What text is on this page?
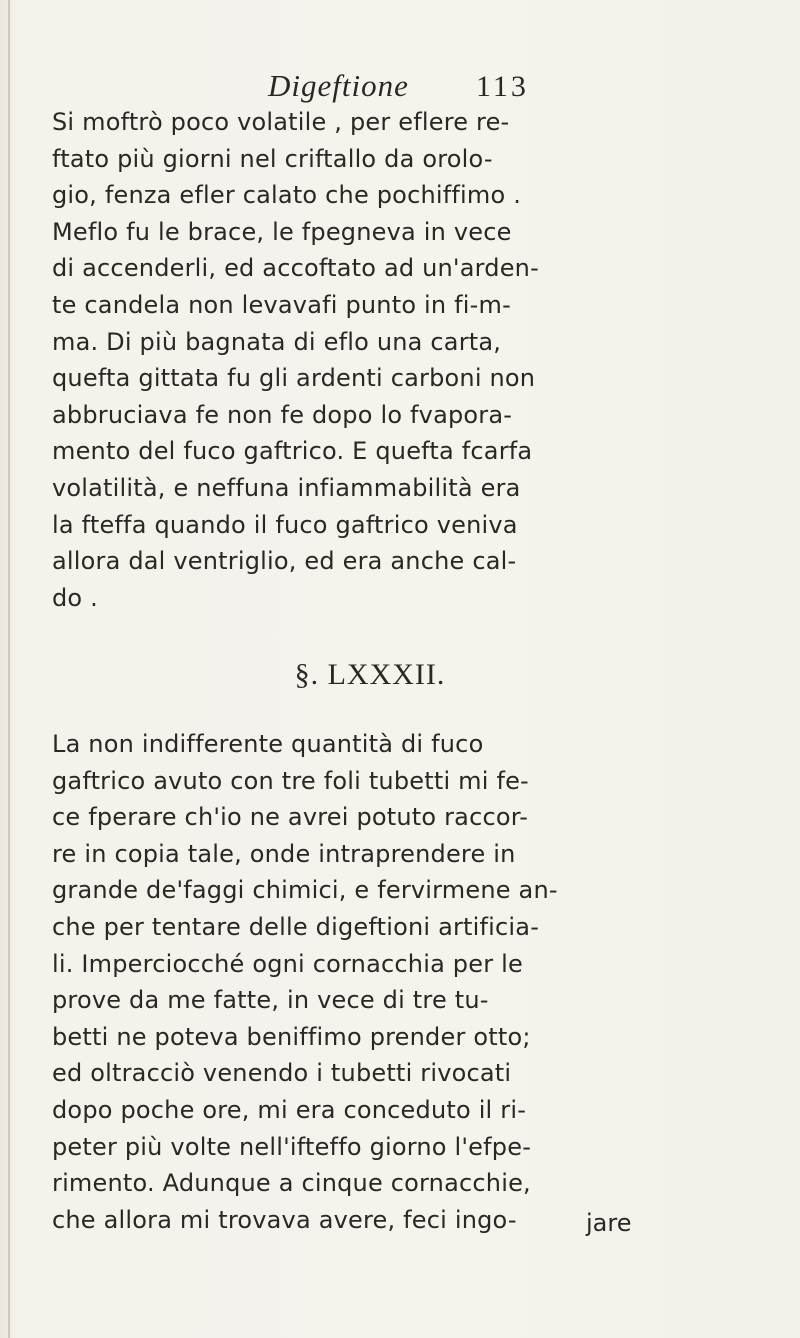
Digeftione 113
Si moftrò poco volatile , per eflere re-
ftato più giorni nel criftallo da orolo-
gio, fenza efler calato che pochiffimo .
Meflo fu le brace, le fpegneva in vece
di accenderli, ed accoftato ad un'arden-
te candela non levavafi punto in fi-m-
ma. Di più bagnata di eflo una carta,
quefta gittata fu gli ardenti carboni non
abbruciava fe non fe dopo lo fvapora-
mento del fuco gaftrico. E quefta fcarfa
volatilità, e neffuna infiammabilità era
la fteffa quando il fuco gaftrico veniva
allora dal ventriglio, ed era anche cal-
do .
§. LXXXII.
La non indifferente quantità di fuco
gaftrico avuto con tre foli tubetti mi fe-
ce fperare ch'io ne avrei potuto raccor-
re in copia tale, onde intraprendere in
grande de'faggi chimici, e fervirmene an-
che per tentare delle digeftioni artificia-
li. Imperciocché ogni cornacchia per le
prove da me fatte, in vece di tre tu-
betti ne poteva beniffimo prender otto;
ed oltracciò venendo i tubetti rivocati
dopo poche ore, mi era conceduto il ri-
peter più volte nell'ifteffo giorno l'efpe-
rimento. Adunque a cinque cornacchie,
che allora mi trovava avere, feci ingo-	jare
